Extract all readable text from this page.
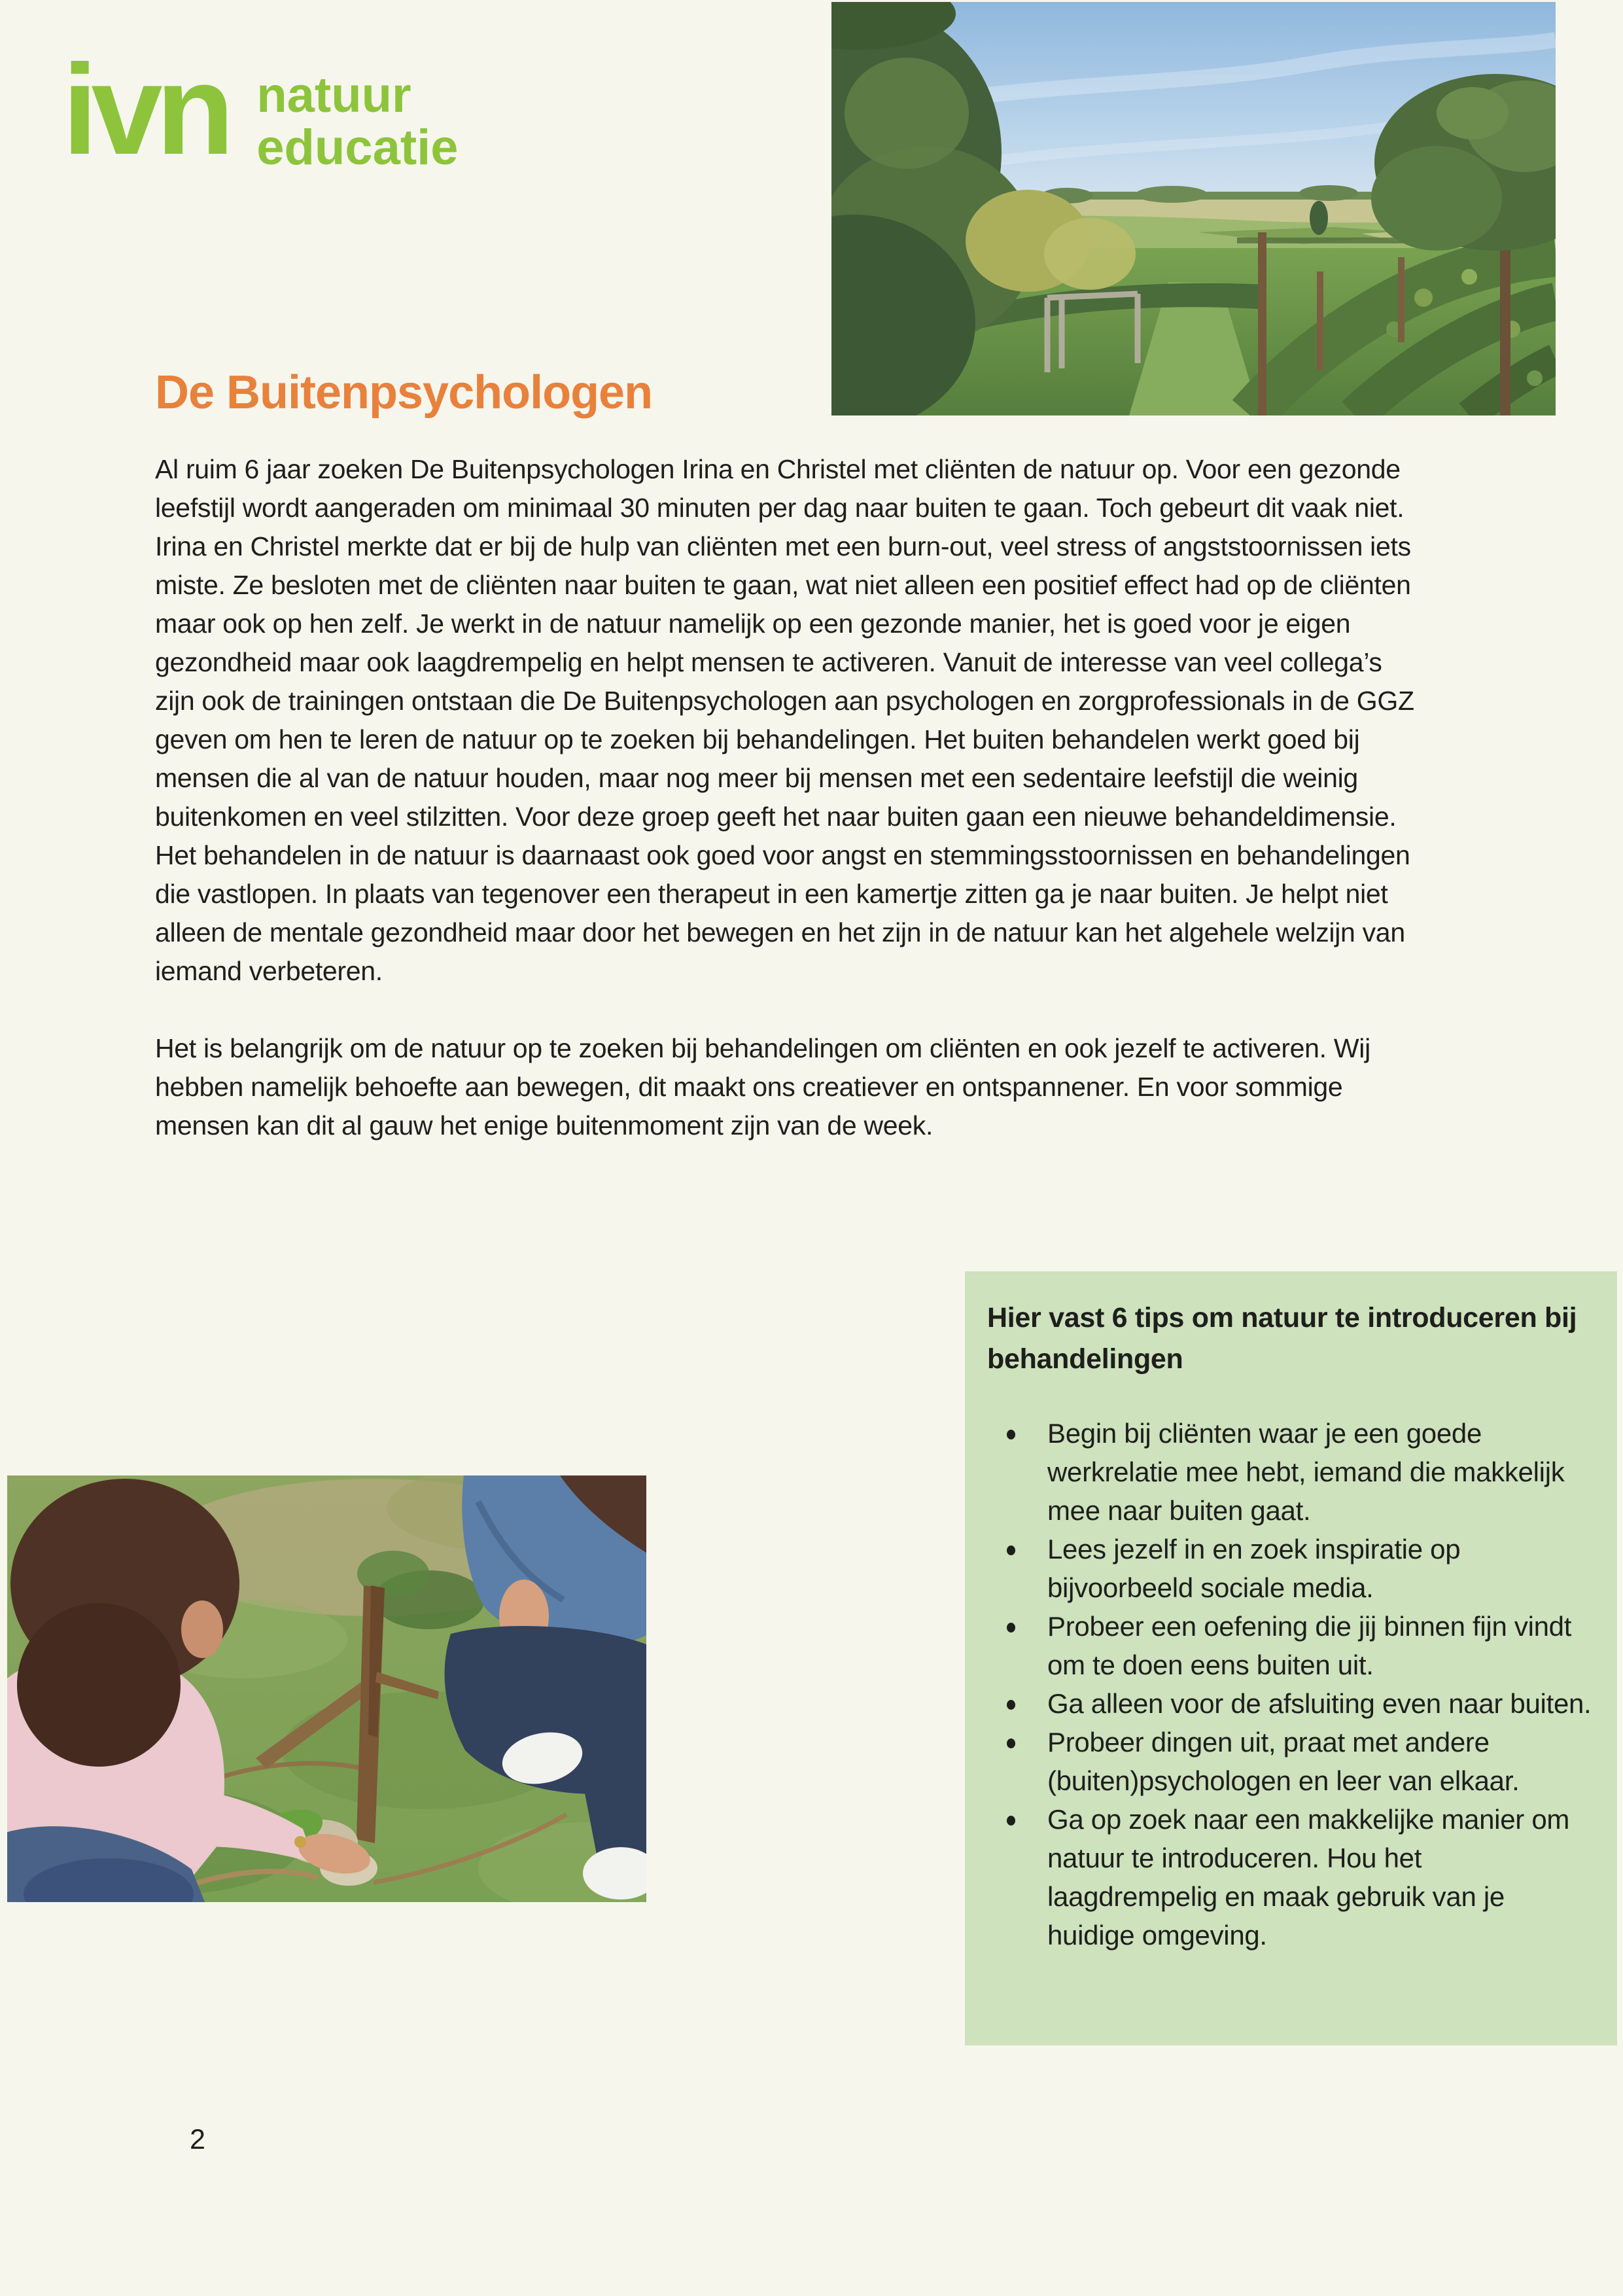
ivn natuur
educatie
De Buitenpsychologen

Al ruim 6 jaar zoeken De Buitenpsychologen Irina en Christel met cliënten de natuur op. Voor een gezonde leefstijl wordt aangeraden om minimaal 30 minuten per dag naar buiten te gaan. Toch gebeurt dit vaak niet. Irina en Christel merkte dat er bij de hulp van cliënten met een burn-out, veel stress of angststoornissen iets miste. Ze besloten met de cliënten naar buiten te gaan, wat niet alleen een positief effect had op de cliënten maar ook op hen zelf. Je werkt in de natuur namelijk op een gezonde manier, het is goed voor je eigen gezondheid maar ook laagdrempelig en helpt mensen te activeren. Vanuit de interesse van veel collega’s zijn ook de trainingen ontstaan die De Buitenpsychologen aan psychologen en zorgprofessionals in de GGZ geven om hen te leren de natuur op te zoeken bij behandelingen. Het buiten behandelen werkt goed bij mensen die al van de natuur houden, maar nog meer bij mensen met een sedentaire leefstijl die weinig buitenkomen en veel stilzitten. Voor deze groep geeft het naar buiten gaan een nieuwe behandeldimensie. Het behandelen in de natuur is daarnaast ook goed voor angst en stemmingsstoornissen en behandelingen die vastlopen. In plaats van tegenover een therapeut in een kamertje zitten ga je naar buiten. Je helpt niet alleen de mentale gezondheid maar door het bewegen en het zijn in de natuur kan het algehele welzijn van iemand verbeteren.

Het is belangrijk om de natuur op te zoeken bij behandelingen om cliënten en ook jezelf te activeren. Wij hebben namelijk behoefte aan bewegen, dit maakt ons creatiever en ontspannener. En voor sommige mensen kan dit al gauw het enige buitenmoment zijn van de week.

Hier vast 6 tips om natuur te introduceren bij behandelingen
Begin bij cliënten waar je een goede werkrelatie mee hebt, iemand die makkelijk mee naar buiten gaat.
Lees jezelf in en zoek inspiratie op bijvoorbeeld sociale media.
Probeer een oefening die jij binnen fijn vindt om te doen eens buiten uit.
Ga alleen voor de afsluiting even naar buiten.
Probeer dingen uit, praat met andere (buiten)psychologen en leer van elkaar.
Ga op zoek naar een makkelijke manier om natuur te introduceren. Hou het laagdrempelig en maak gebruik van je huidige omgeving.
2
